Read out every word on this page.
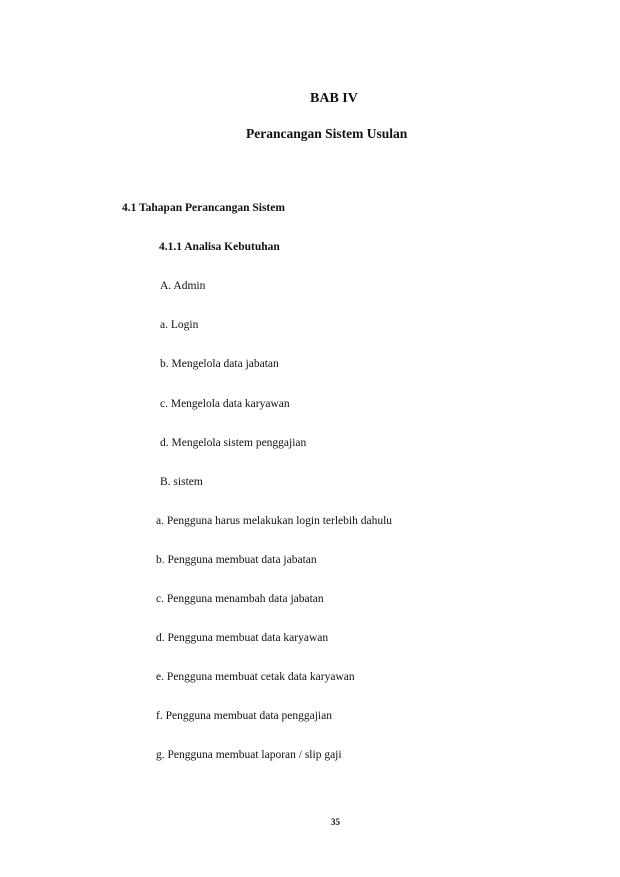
BAB IV
Perancangan Sistem Usulan
4.1 Tahapan Perancangan Sistem
4.1.1 Analisa Kebutuhan
A. Admin
a. Login
b. Mengelola data jabatan
c. Mengelola data karyawan
d. Mengelola sistem penggajian
B. sistem
a. Pengguna harus melakukan login terlebih dahulu
b. Pengguna membuat data jabatan
c. Pengguna menambah data jabatan
d. Pengguna membuat data karyawan
e. Pengguna membuat cetak data karyawan
f. Pengguna membuat data penggajian
g. Pengguna membuat laporan / slip gaji
35
